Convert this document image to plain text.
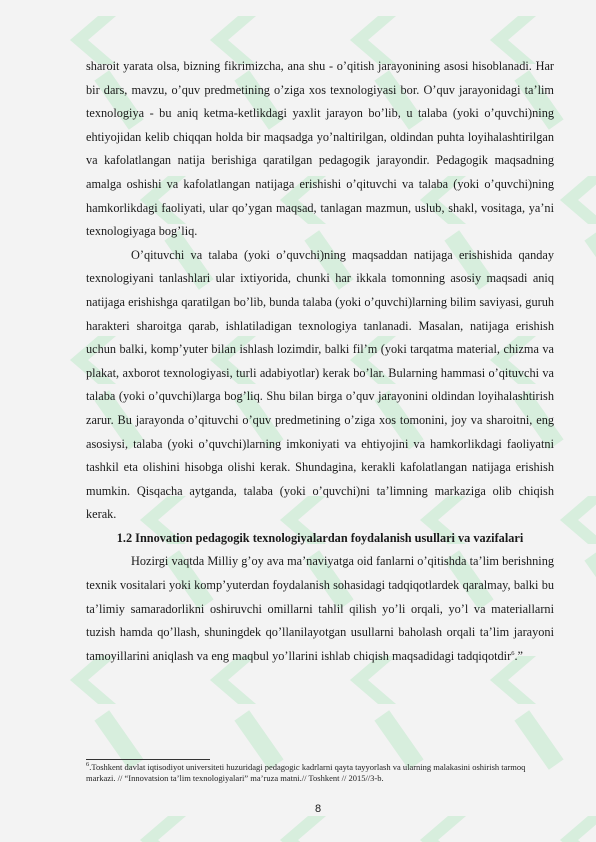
sharoit yarata olsa, bizning fikrimizcha, ana shu - o’qitish jarayonining asosi hisoblanadi. Har bir dars, mavzu, o’quv predmetining o’ziga xos texnologiyasi bor. O’quv jarayonidagi ta’lim texnologiya - bu aniq ketma-ketlikdagi yaxlit jarayon bo’lib, u talaba (yoki o’quvchi)ning ehtiyojidan kelib chiqqan holda bir maqsadga yo’naltirilgan, oldindan puhta loyihalashtirilgan va kafolatlangan natija berishiga qaratilgan pedagogik jarayondir. Pedagogik maqsadning amalga oshishi va kafolatlangan natijaga erishishi o’qituvchi va talaba (yoki o’quvchi)ning hamkorlikdagi faoliyati, ular qo’ygan maqsad, tanlagan mazmun, uslub, shakl, vositaga, ya’ni texnologiyaga bog’liq.

O’qituvchi va talaba (yoki o’quvchi)ning maqsaddan natijaga erishishida qanday texnologiyani tanlashlari ular ixtiyorida, chunki har ikkala tomonning asosiy maqsadi aniq natijaga erishishga qaratilgan bo’lib, bunda talaba (yoki o’quvchi)larning bilim saviyasi, guruh harakteri sharoitga qarab, ishlatiladigan texnologiya tanlanadi. Masalan, natijaga erishish uchun balki, komp’yuter bilan ishlash lozimdir, balki fil’m (yoki tarqatma material, chizma va plakat, axborot texnologiyasi, turli adabiyotlar) kerak bo’lar. Bularning hammasi o’qituvchi va talaba (yoki o’quvchi)larga bog’liq. Shu bilan birga o’quv jarayonini oldindan loyihalashtirish zarur. Bu jarayonda o’qituvchi o’quv predmetining o’ziga xos tomonini, joy va sharoitni, eng asosiysi, talaba (yoki o’quvchi)larning imkoniyati va ehtiyojini va hamkorlikdagi faoliyatni tashkil eta olishini hisobga olishi kerak. Shundagina, kerakli kafolatlangan natijaga erishish mumkin. Qisqacha aytganda, talaba (yoki o’quvchi)ni ta’limning markaziga olib chiqish kerak.

1.2 Innovation pedagogik texnologiyalardan foydalanish usullari va vazifalari

Hozirgi vaqtda Milliy g’oy ava ma’naviyatga oid fanlarni o’qitishda ta’lim berishning texnik vositalari yoki komp’yuterdan foydalanish sohasidagi tadqiqotlardek qaralmay, balki bu ta’limiy samaradorlikni oshiruvchi omillarni tahlil qilish yo’li orqali, yo’l va materiallarni tuzish hamda qo’llash, shuningdek qo’llanilayotgan usullarni baholash orqali ta’lim jarayoni tamoyillarini aniqlash va eng maqbul yo’llarini ishlab chiqish maqsadidagi tadqiqotdir$^6$.”

$^6$.Toshkent davlat iqtisodiyot universiteti huzuridagi pedagogic kadrlarni qayta tayyorlash va ularning malakasini oshirish tarmoq markazi. // “Innovatsion ta’lim texnologiyalari” ma’ruza matni.// Toshkent // 2015//3-b.
8
